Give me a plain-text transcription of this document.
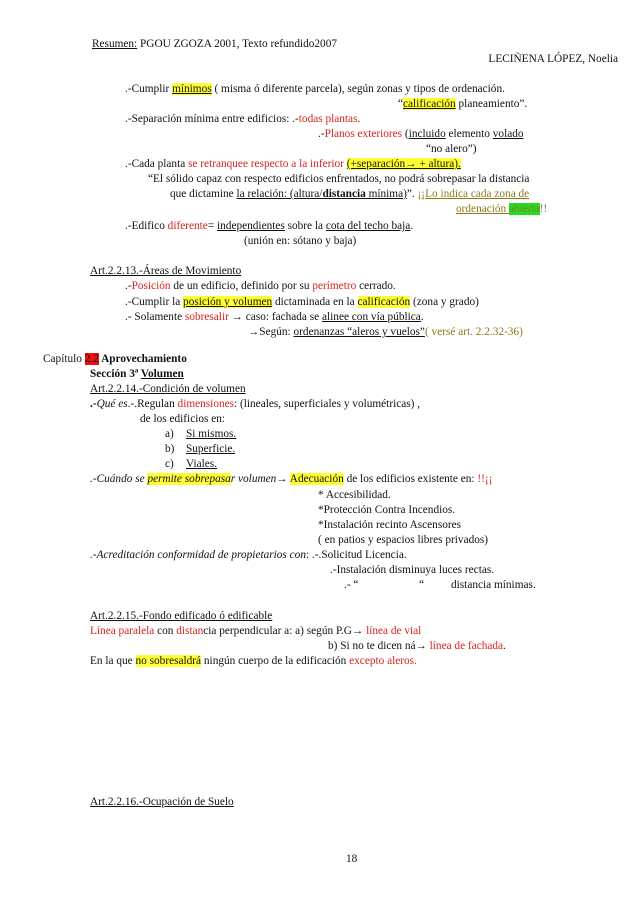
Resumen: PGOU ZGOZA 2001, Texto refundido2007
LECIÑENA LÓPEZ, Noelia
.-Cumplir mínimos ( misma ó diferente parcela), según zonas y tipos de ordenación.
“calificación planeamiento”.
.-Separación mínima entre edificios: .-todas plantas.
.-Planos exteriores (incluido elemento volado
“no alero”)
.-Cada planta se retranquee respecto a la inferior (+separación→ + altura).
“El sólido capaz con respecto edificios enfrentados, no podrá sobrepasar la distancia
que dictamine la relación: (altura/distancia mínima)”. ¡¡Lo indica cada zona de
ordenación abierta!!
.-Edifico diferente= independientes sobre la cota del techo baja.
(unión en: sótano y baja)
Art.2.2.13.-Áreas de Movimiento
.-Posición de un edificio, definido por su perímetro cerrado.
.-Cumplir la posición y volumen dictaminada en la calificación (zona y grado)
.- Solamente sobresalir → caso: fachada se alinee con vía pública.
→Según: ordenanzas “aleros y vuelos”( versé art. 2.2.32-36)
Capítulo 2.2 Aprovechamiento
Sección 3ª Volumen
Art.2.2.14.-Condición de volumen
.-Qué es.-.Regulan dimensiones: (lineales, superficiales y volumétricas) ,
de los edificios en:
a) Si mismos.
b) Superficie.
c) Viales.
.-Cuándo se permite sobrepasar volumen→ Adecuación de los edificios existente en: !!¡¡
* Accesibilidad.
*Protección Contra Incendios.
*Instalación recinto Ascensores
( en patios y espacios libres privados)
.-Acreditación conformidad de propietarios con: .-.Solicitud Licencia.
.-Instalación disminuya luces rectas.
.- “	“ distancia mínimas.
Art.2.2.15.-Fondo edificado ó edificable
Línea paralela con distancia perpendicular a: a) según P.G→ línea de vial
b) Si no te dicen ná→ línea de fachada.
En la que no sobresaldrá ningún cuerpo de la edificación excepto aleros.
Art.2.2.16.-Ocupación de Suelo
18
